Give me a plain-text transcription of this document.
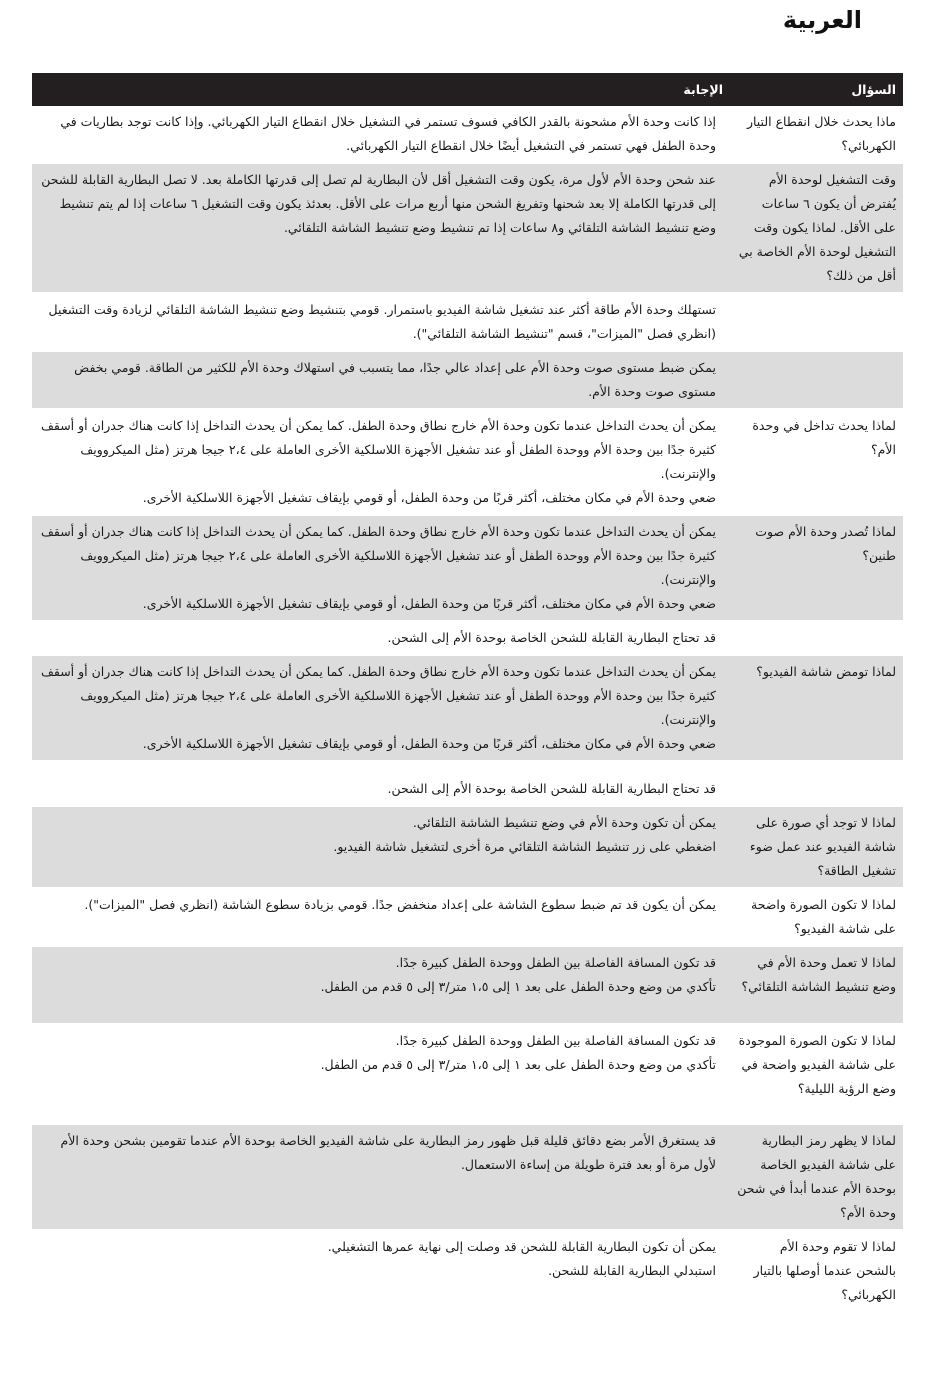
العربية
السؤال	الإجابة

ماذا يحدث خلال انقطاع التيار الكهربائي؟	إذا كانت وحدة الأم مشحونة بالقدر الكافي فسوف تستمر في التشغيل خلال انقطاع التيار الكهربائي. وإذا كانت توجد بطاريات في وحدة الطفل فهي تستمر في التشغيل أيضًا خلال انقطاع التيار الكهربائي.

وقت التشغيل لوحدة الأم يُفترض أن يكون ٦ ساعات على الأقل. لماذا يكون وقت التشغيل لوحدة الأم الخاصة بي أقل من ذلك؟	عند شحن وحدة الأم لأول مرة، يكون وقت التشغيل أقل لأن البطارية لم تصل إلى قدرتها الكاملة بعد. لا تصل البطارية القابلة للشحن إلى قدرتها الكاملة إلا بعد شحنها وتفريغ الشحن منها أربع مرات على الأقل. بعدئذ يكون وقت التشغيل ٦ ساعات إذا لم يتم تنشيط وضع تنشيط الشاشة التلقائي و٨ ساعات إذا تم تنشيط وضع تنشيط الشاشة التلقائي.

	تستهلك وحدة الأم طاقة أكثر عند تشغيل شاشة الفيديو باستمرار. قومي بتنشيط وضع تنشيط الشاشة التلقائي لزيادة وقت التشغيل (انظري فصل "الميزات"، قسم "تنشيط الشاشة التلقائي").

	يمكن ضبط مستوى صوت وحدة الأم على إعداد عالي جدًا، مما يتسبب في استهلاك وحدة الأم للكثير من الطاقة. قومي بخفض مستوى صوت وحدة الأم.

لماذا يحدث تداخل في وحدة الأم؟	يمكن أن يحدث التداخل عندما تكون وحدة الأم خارج نطاق وحدة الطفل. كما يمكن أن يحدث التداخل إذا كانت هناك جدران أو أسقف كثيرة جدًا بين وحدة الأم ووحدة الطفل أو عند تشغيل الأجهزة اللاسلكية الأخرى العاملة على ٢،٤ جيجا هرتز (مثل الميكروويف والإنترنت).
ضعي وحدة الأم في مكان مختلف، أكثر قربًا من وحدة الطفل، أو قومي بإيقاف تشغيل الأجهزة اللاسلكية الأخرى.

لماذا تُصدر وحدة الأم صوت طنين؟	يمكن أن يحدث التداخل عندما تكون وحدة الأم خارج نطاق وحدة الطفل. كما يمكن أن يحدث التداخل إذا كانت هناك جدران أو أسقف كثيرة جدًا بين وحدة الأم ووحدة الطفل أو عند تشغيل الأجهزة اللاسلكية الأخرى العاملة على ٢،٤ جيجا هرتز (مثل الميكروويف والإنترنت).
ضعي وحدة الأم في مكان مختلف، أكثر قربًا من وحدة الطفل، أو قومي بإيقاف تشغيل الأجهزة اللاسلكية الأخرى.

	قد تحتاج البطارية القابلة للشحن الخاصة بوحدة الأم إلى الشحن.

لماذا تومض شاشة الفيديو؟	يمكن أن يحدث التداخل عندما تكون وحدة الأم خارج نطاق وحدة الطفل. كما يمكن أن يحدث التداخل إذا كانت هناك جدران أو أسقف كثيرة جدًا بين وحدة الأم ووحدة الطفل أو عند تشغيل الأجهزة اللاسلكية الأخرى العاملة على ٢،٤ جيجا هرتز (مثل الميكروويف والإنترنت).
ضعي وحدة الأم في مكان مختلف، أكثر قربًا من وحدة الطفل، أو قومي بإيقاف تشغيل الأجهزة اللاسلكية الأخرى.

	قد تحتاج البطارية القابلة للشحن الخاصة بوحدة الأم إلى الشحن.

لماذا لا توجد أي صورة على شاشة الفيديو عند عمل ضوء تشغيل الطاقة؟	يمكن أن تكون وحدة الأم في وضع تنشيط الشاشة التلقائي.
اضغطي على زر تنشيط الشاشة التلقائي مرة أخرى لتشغيل شاشة الفيديو.

لماذا لا تكون الصورة واضحة على شاشة الفيديو؟	يمكن أن يكون قد تم ضبط سطوع الشاشة على إعداد منخفض جدًا. قومي بزيادة سطوع الشاشة (انظري فصل "الميزات").

لماذا لا تعمل وحدة الأم في وضع تنشيط الشاشة التلقائي؟	قد تكون المسافة الفاصلة بين الطفل ووحدة الطفل كبيرة جدًا.
تأكدي من وضع وحدة الطفل على بعد ١ إلى ١،٥ متر/٣ إلى ٥ قدم من الطفل.

لماذا لا تكون الصورة الموجودة على شاشة الفيديو واضحة في وضع الرؤية الليلية؟	قد تكون المسافة الفاصلة بين الطفل ووحدة الطفل كبيرة جدًا.
تأكدي من وضع وحدة الطفل على بعد ١ إلى ١،٥ متر/٣ إلى ٥ قدم من الطفل.

لماذا لا يظهر رمز البطارية على شاشة الفيديو الخاصة بوحدة الأم عندما أبدأ في شحن وحدة الأم؟	قد يستغرق الأمر بضع دقائق قليلة قبل ظهور رمز البطارية على شاشة الفيديو الخاصة بوحدة الأم عندما تقومين بشحن وحدة الأم لأول مرة أو بعد فترة طويلة من إساءة الاستعمال.

لماذا لا تقوم وحدة الأم بالشحن عندما أوصلها بالتيار الكهربائي؟	يمكن أن تكون البطارية القابلة للشحن قد وصلت إلى نهاية عمرها التشغيلي.
استبدلي البطارية القابلة للشحن.
